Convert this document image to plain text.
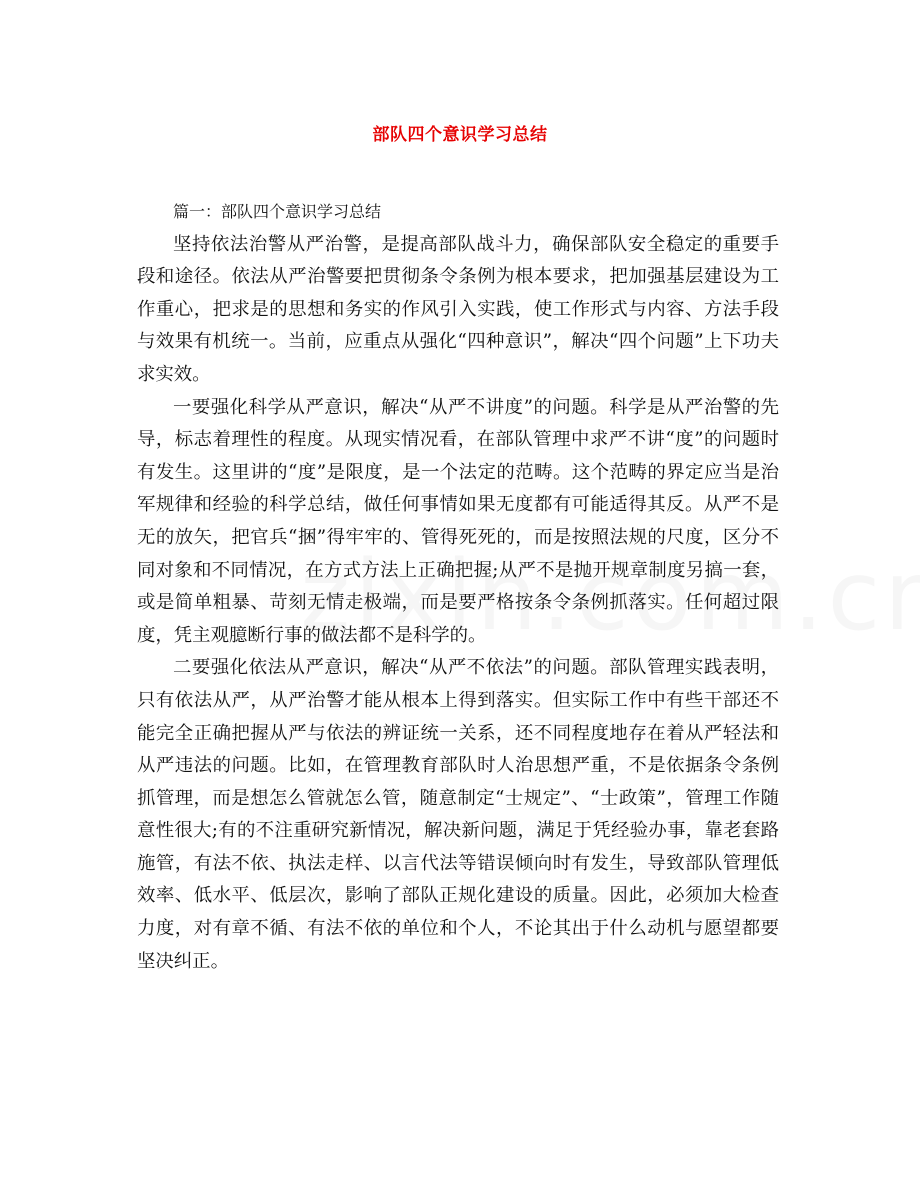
部队四个意识学习总结

篇一：部队四个意识学习总结

坚持依法治警从严治警，是提高部队战斗力，确保部队安全稳定的重要手段和途径。依法从严治警要把贯彻条令条例为根本要求，把加强基层建设为工作重心，把求是的思想和务实的作风引入实践，使工作形式与内容、方法手段与效果有机统一。当前，应重点从强化“四种意识”，解决“四个问题”上下功夫求实效。

一要强化科学从严意识，解决“从严不讲度”的问题。科学是从严治警的先导，标志着理性的程度。从现实情况看，在部队管理中求严不讲“度”的问题时有发生。这里讲的“度”是限度，是一个法定的范畴。这个范畴的界定应当是治军规律和经验的科学总结，做任何事情如果无度都有可能适得其反。从严不是无的放矢，把官兵“捆”得牢牢的、管得死死的，而是按照法规的尺度，区分不同对象和不同情况，在方式方法上正确把握;从严不是抛开规章制度另搞一套，或是简单粗暴、苛刻无情走极端，而是要严格按条令条例抓落实。任何超过限度，凭主观臆断行事的做法都不是科学的。

二要强化依法从严意识，解决“从严不依法”的问题。部队管理实践表明，只有依法从严，从严治警才能从根本上得到落实。但实际工作中有些干部还不能完全正确把握从严与依法的辨证统一关系，还不同程度地存在着从严轻法和从严违法的问题。比如，在管理教育部队时人治思想严重，不是依据条令条例抓管理，而是想怎么管就怎么管，随意制定“士规定”、“士政策”，管理工作随意性很大;有的不注重研究新情况，解决新问题，满足于凭经验办事，靠老套路施管，有法不依、执法走样、以言代法等错误倾向时有发生，导致部队管理低效率、低水平、低层次，影响了部队正规化建设的质量。因此，必须加大检查力度，对有章不循、有法不依的单位和个人，不论其出于什么动机与愿望都要坚决纠正。
